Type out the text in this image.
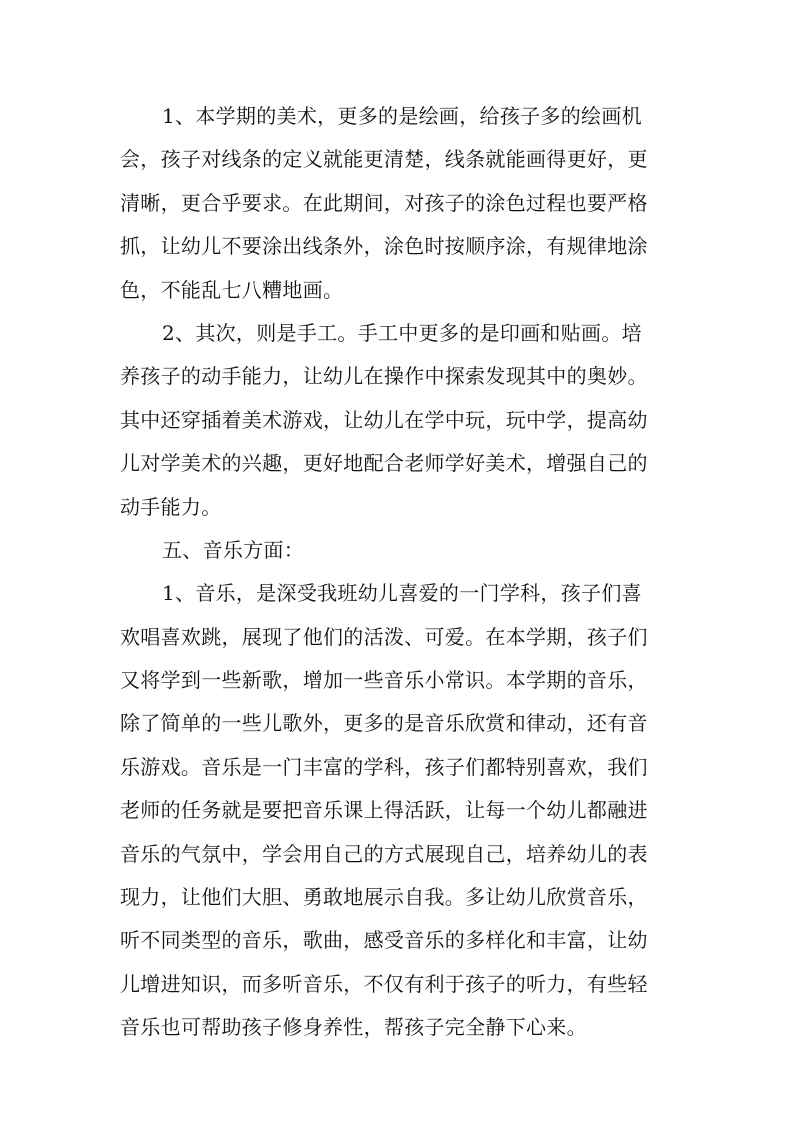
1、本学期的美术，更多的是绘画，给孩子多的绘画机
会，孩子对线条的定义就能更清楚，线条就能画得更好，更
清晰，更合乎要求。在此期间，对孩子的涂色过程也要严格
抓，让幼儿不要涂出线条外，涂色时按顺序涂，有规律地涂
色，不能乱七八糟地画。

2、其次，则是手工。手工中更多的是印画和贴画。培
养孩子的动手能力，让幼儿在操作中探索发现其中的奥妙。
其中还穿插着美术游戏，让幼儿在学中玩，玩中学，提高幼
儿对学美术的兴趣，更好地配合老师学好美术，增强自己的
动手能力。

五、音乐方面：

1、音乐，是深受我班幼儿喜爱的一门学科，孩子们喜
欢唱喜欢跳，展现了他们的活泼、可爱。在本学期，孩子们
又将学到一些新歌，增加一些音乐小常识。本学期的音乐，
除了简单的一些儿歌外，更多的是音乐欣赏和律动，还有音
乐游戏。音乐是一门丰富的学科，孩子们都特别喜欢，我们
老师的任务就是要把音乐课上得活跃，让每一个幼儿都融进
音乐的气氛中，学会用自己的方式展现自己，培养幼儿的表
现力，让他们大胆、勇敢地展示自我。多让幼儿欣赏音乐，
听不同类型的音乐，歌曲，感受音乐的多样化和丰富，让幼
儿增进知识，而多听音乐，不仅有利于孩子的听力，有些轻
音乐也可帮助孩子修身养性，帮孩子完全静下心来。
